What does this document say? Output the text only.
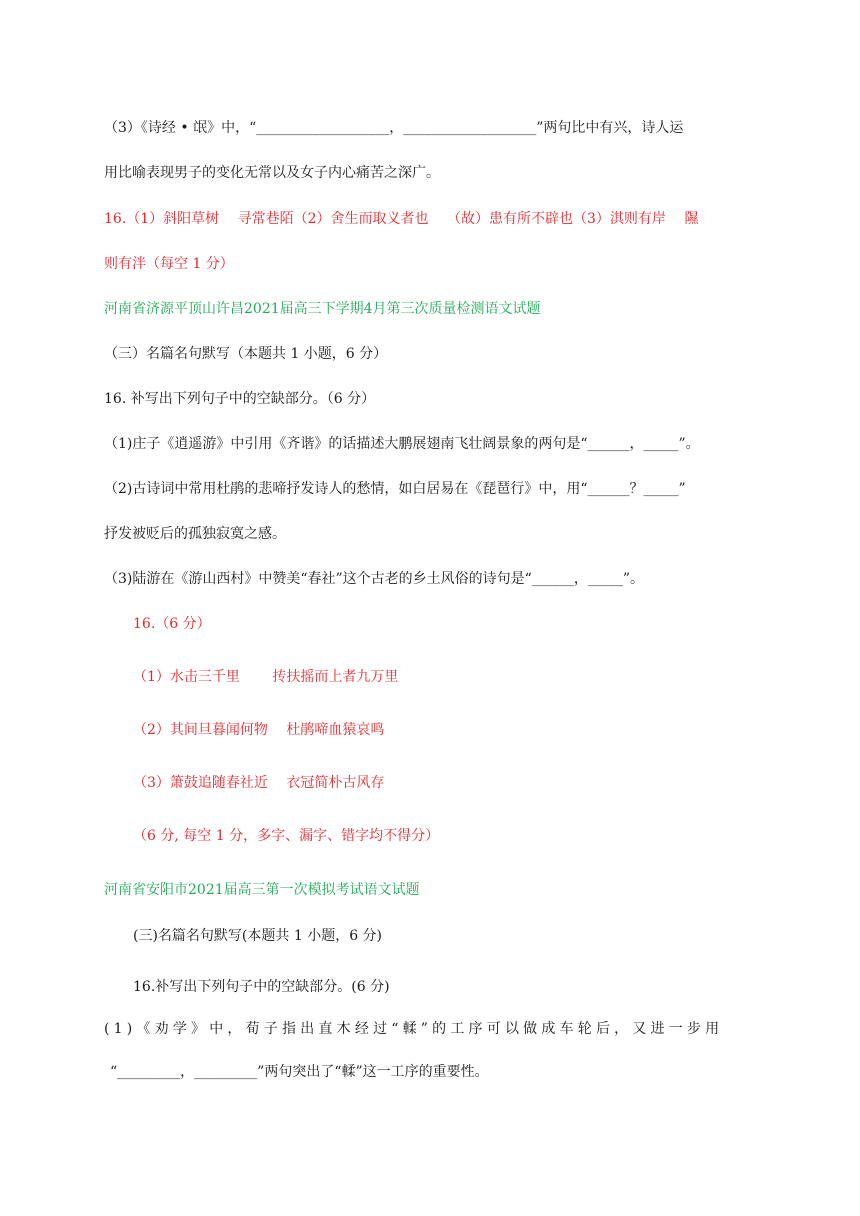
（3）《诗经 • 氓》中，“___________________，___________________”两句比中有兴，诗人运
用比喻表现男子的变化无常以及女子内心痛苦之深广。
16.（1）斜阳草树　 寻常巷陌（2）舍生而取义者也　 （故）患有所不辟也（3）淇则有岸　 隰
则有泮（每空 1 分）
河南省济源平顶山许昌2021届高三下学期4月第三次质量检测语文试题
（三）名篇名句默写（本题共 1 小题，6 分）
16. 补写出下列句子中的空缺部分。（6 分）
（1)庄子《逍遥游》中引用《齐谐》的话描述大鹏展翅南飞壮阔景象的两句是“______，_____”。
（2)古诗词中常用杜鹃的悲啼抒发诗人的愁情，如白居易在《琵琶行》中，用“______？_____”
抒发被贬后的孤独寂寞之感。
（3)陆游在《游山西村》中赞美“春社”这个古老的乡土风俗的诗句是“______，_____”。
16.（6 分）
（1）水击三千里　　 抟扶摇而上者九万里
（2）其间旦暮闻何物　 杜鹃啼血猿哀鸣
（3）箫鼓追随春社近　 衣冠简朴古风存
（6 分, 每空 1 分，多字、漏字、错字均不得分）
河南省安阳市2021届高三第一次模拟考试语文试题
(三)名篇名句默写(本题共 1 小题，6 分)
16.补写出下列句子中的空缺部分。(6 分)
(1)《劝学》中，荀子指出直木经过“輮”的工序可以做成车轮后，又进一步用
“_________，_________”两句突出了“輮”这一工序的重要性。
